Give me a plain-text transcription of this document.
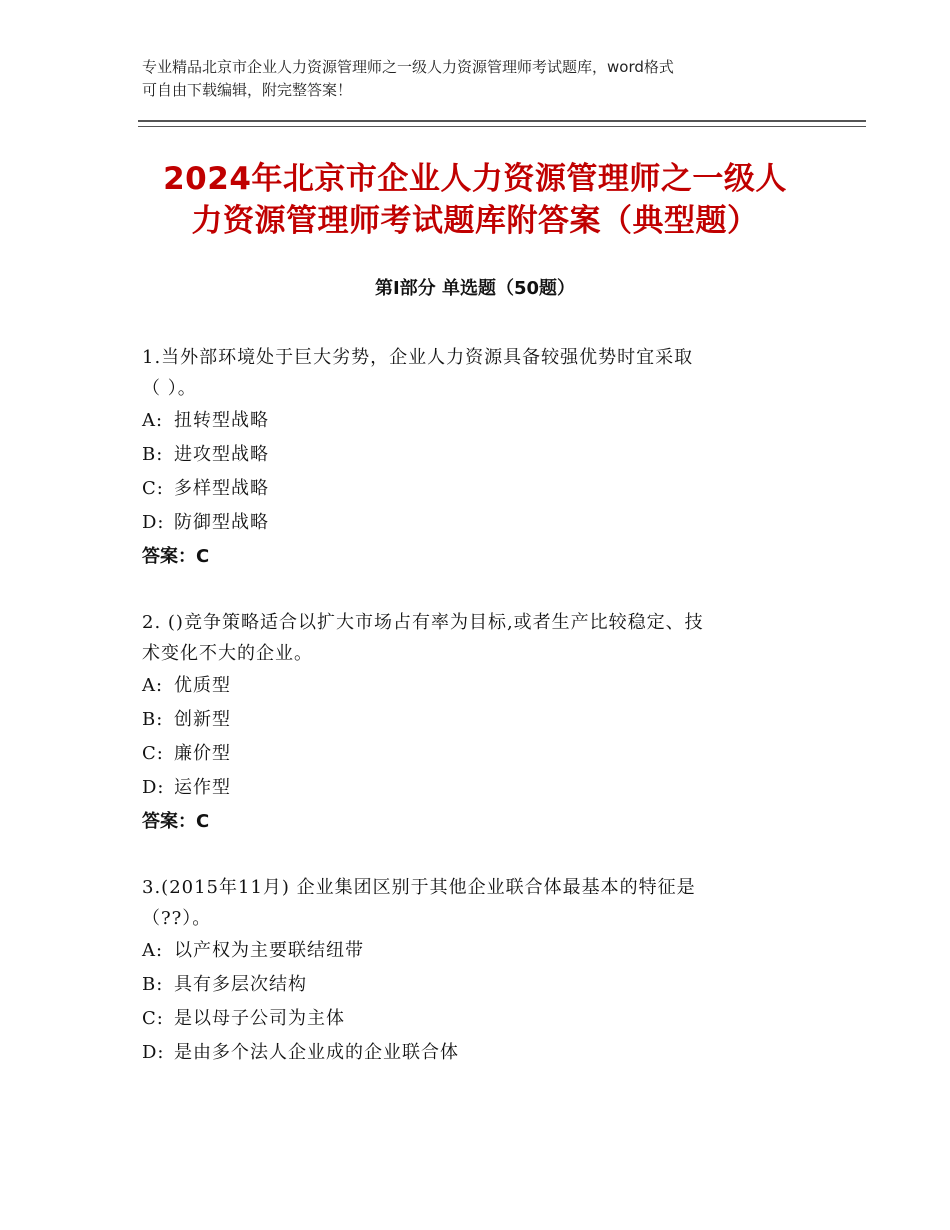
专业精品北京市企业人力资源管理师之一级人力资源管理师考试题库，word格式
可自由下载编辑，附完整答案！
2024年北京市企业人力资源管理师之一级人
力资源管理师考试题库附答案（典型题）
第Ⅰ部分 单选题（50题）

1.当外部环境处于巨大劣势，企业人力资源具备较强优势时宜采取

（ ）。

A: 扭转型战略

B: 进攻型战略

C: 多样型战略

D: 防御型战略

答案：C

2. ()竞争策略适合以扩大市场占有率为目标,或者生产比较稳定、技

术变化不大的企业。

A: 优质型

B: 创新型

C: 廉价型

D: 运作型

答案：C

3.(2015年11月) 企业集团区别于其他企业联合体最基本的特征是

（??）。

A: 以产权为主要联结纽带

B: 具有多层次结构

C: 是以母子公司为主体

D: 是由多个法人企业成的企业联合体
